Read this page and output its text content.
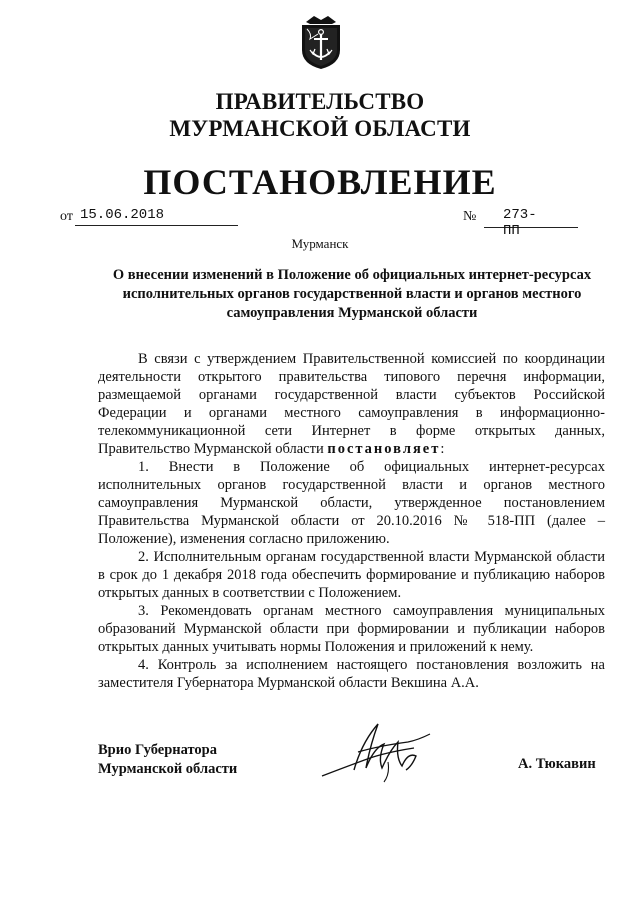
ПРАВИТЕЛЬСТВО
МУРМАНСКОЙ ОБЛАСТИ
ПОСТАНОВЛЕНИЕ
от 15.06.2018	№ 273-ПП
Мурманск

О внесении изменений в Положение об официальных интернет-ресурсах исполнительных органов государственной власти и органов местного самоуправления Мурманской области

В связи с утверждением Правительственной комиссией по координации деятельности открытого правительства типового перечня информации, размещаемой органами государственной власти субъектов Российской Федерации и органами местного самоуправления в информационно-телекоммуникационной сети Интернет в форме открытых данных, Правительство Мурманской области постановляет:

1. Внести в Положение об официальных интернет-ресурсах исполнительных органов государственной власти и органов местного самоуправления Мурманской области, утвержденное постановлением Правительства Мурманской области от 20.10.2016 № 518-ПП (далее – Положение), изменения согласно приложению.

2. Исполнительным органам государственной власти Мурманской области в срок до 1 декабря 2018 года обеспечить формирование и публикацию наборов открытых данных в соответствии с Положением.

3. Рекомендовать органам местного самоуправления муниципальных образований Мурманской области при формировании и публикации наборов открытых данных учитывать нормы Положения и приложений к нему.

4. Контроль за исполнением настоящего постановления возложить на заместителя Губернатора Мурманской области Векшина А.А.

Врио Губернатора
Мурманской области	А. Тюкавин
